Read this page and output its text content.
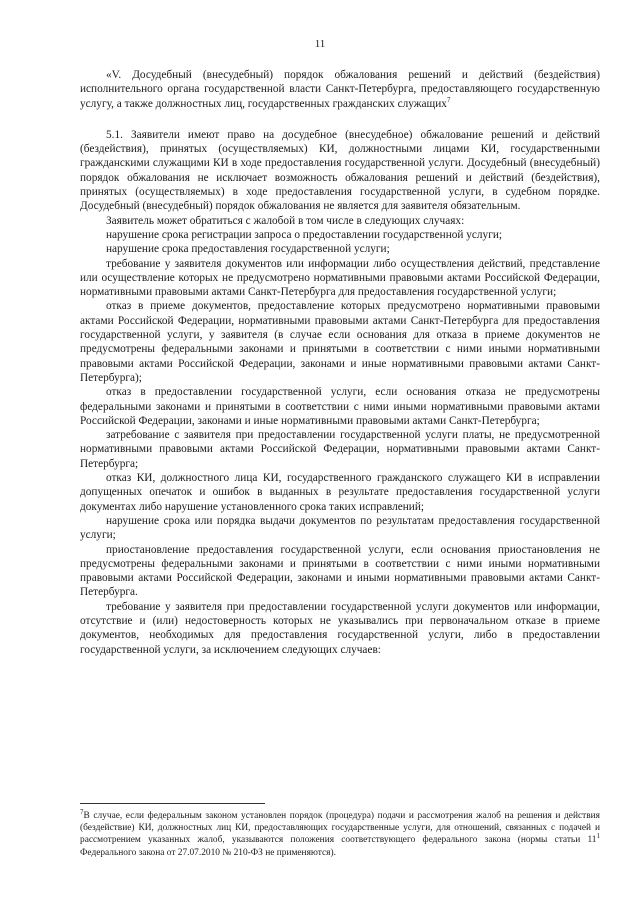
11

«V. Досудебный (внесудебный) порядок обжалования решений и действий (бездействия) исполнительного органа государственной власти Санкт-Петербурга, предоставляющего государственную услугу, а также должностных лиц, государственных гражданских служащих$^7$

5.1. Заявители имеют право на досудебное (внесудебное) обжалование решений и действий (бездействия), принятых (осуществляемых) КИ, должностными лицами КИ, государственными гражданскими служащими КИ в ходе предоставления государственной услуги. Досудебный (внесудебный) порядок обжалования не исключает возможность обжалования решений и действий (бездействия), принятых (осуществляемых) в ходе предоставления государственной услуги, в судебном порядке. Досудебный (внесудебный) порядок обжалования не является для заявителя обязательным.

Заявитель может обратиться с жалобой в том числе в следующих случаях:

нарушение срока регистрации запроса о предоставлении государственной услуги;

нарушение срока предоставления государственной услуги;

требование у заявителя документов или информации либо осуществления действий, представление или осуществление которых не предусмотрено нормативными правовыми актами Российской Федерации, нормативными правовыми актами Санкт-Петербурга для предоставления государственной услуги;

отказ в приеме документов, предоставление которых предусмотрено нормативными правовыми актами Российской Федерации, нормативными правовыми актами Санкт-Петербурга для предоставления государственной услуги, у заявителя (в случае если основания для отказа в приеме документов не предусмотрены федеральными законами и принятыми в соответствии с ними иными нормативными правовыми актами Российской Федерации, законами и иные нормативными правовыми актами Санкт-Петербурга);

отказ в предоставлении государственной услуги, если основания отказа не предусмотрены федеральными законами и принятыми в соответствии с ними иными нормативными правовыми актами Российской Федерации, законами и иные нормативными правовыми актами Санкт-Петербурга;

затребование с заявителя при предоставлении государственной услуги платы, не предусмотренной нормативными правовыми актами Российской Федерации, нормативными правовыми актами Санкт-Петербурга;

отказ КИ, должностного лица КИ, государственного гражданского служащего КИ в исправлении допущенных опечаток и ошибок в выданных в результате предоставления государственной услуги документах либо нарушение установленного срока таких исправлений;

нарушение срока или порядка выдачи документов по результатам предоставления государственной услуги;

приостановление предоставления государственной услуги, если основания приостановления не предусмотрены федеральными законами и принятыми в соответствии с ними иными нормативными правовыми актами Российской Федерации, законами и иными нормативными правовыми актами Санкт-Петербурга.

требование у заявителя при предоставлении государственной услуги документов или информации, отсутствие и (или) недостоверность которых не указывались при первоначальном отказе в приеме документов, необходимых для предоставления государственной услуги, либо в предоставлении государственной услуги, за исключением следующих случаев:

$^7$В случае, если федеральным законом установлен порядок (процедура) подачи и рассмотрения жалоб на решения и действия (бездействие) КИ, должностных лиц КИ, предоставляющих государственные услуги, для отношений, связанных с подачей и рассмотрением указанных жалоб, указываются положения соответствующего федерального закона (нормы статьи $11^1$ Федерального закона от 27.07.2010 № 210-ФЗ не применяются).
